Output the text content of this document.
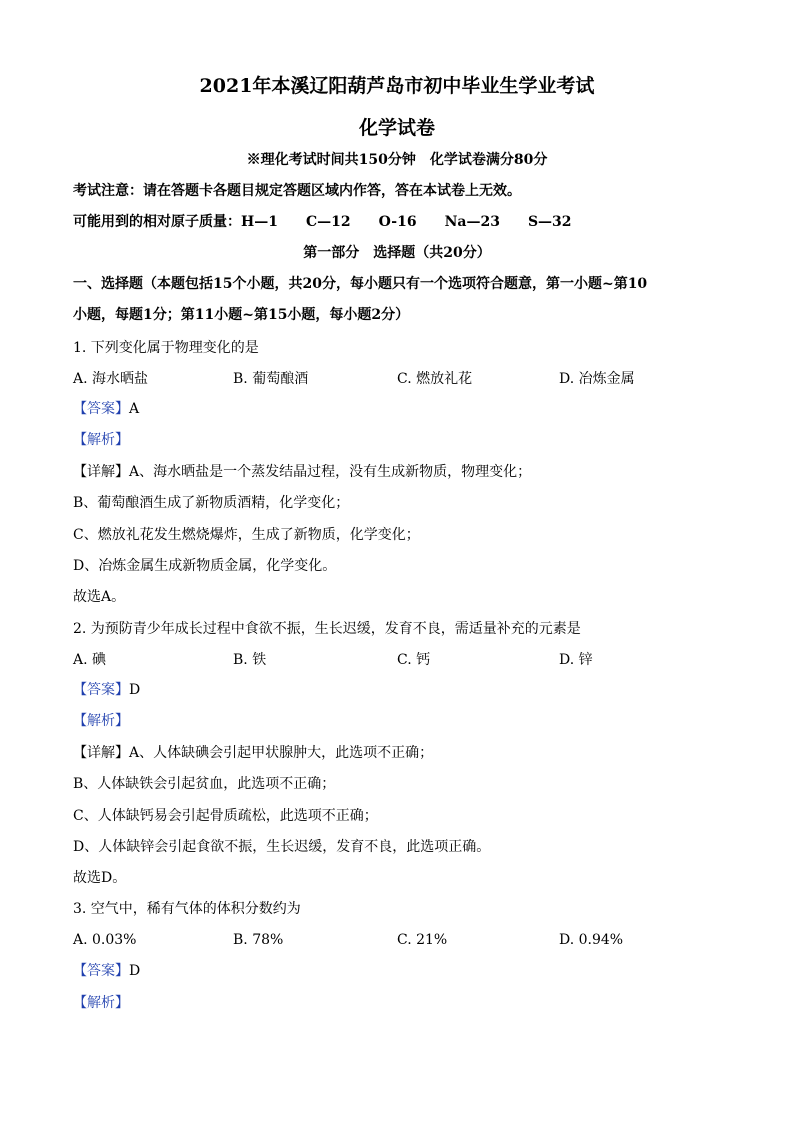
2021年本溪辽阳葫芦岛市初中毕业生学业考试
化学试卷
※理化考试时间共150分钟　化学试卷满分80分
考试注意：请在答题卡各题目规定答题区域内作答，答在本试卷上无效。
可能用到的相对原子质量：H—1　　C—12　　O-16　　Na—23　　S—32
第一部分　选择题（共20分）
一、选择题（本题包括15个小题，共20分，每小题只有一个选项符合题意，第一小题~第10
小题，每题1分；第11小题~第15小题，每小题2分）
1. 下列变化属于物理变化的是
A. 海水晒盐	B. 葡萄酿酒	C. 燃放礼花	D. 冶炼金属
【答案】A
【解析】
【详解】A、海水晒盐是一个蒸发结晶过程，没有生成新物质，物理变化；
B、葡萄酿酒生成了新物质酒精，化学变化；
C、燃放礼花发生燃烧爆炸，生成了新物质，化学变化；
D、冶炼金属生成新物质金属，化学变化。
故选A。
2. 为预防青少年成长过程中食欲不振，生长迟缓，发育不良，需适量补充的元素是
A. 碘	B. 铁	C. 钙	D. 锌
【答案】D
【解析】
【详解】A、人体缺碘会引起甲状腺肿大，此选项不正确；
B、人体缺铁会引起贫血，此选项不正确；
C、人体缺钙易会引起骨质疏松，此选项不正确；
D、人体缺锌会引起食欲不振，生长迟缓，发育不良，此选项正确。
故选D。
3. 空气中，稀有气体的体积分数约为
A. 0.03%	B. 78%	C. 21%	D. 0.94%
【答案】D
【解析】
